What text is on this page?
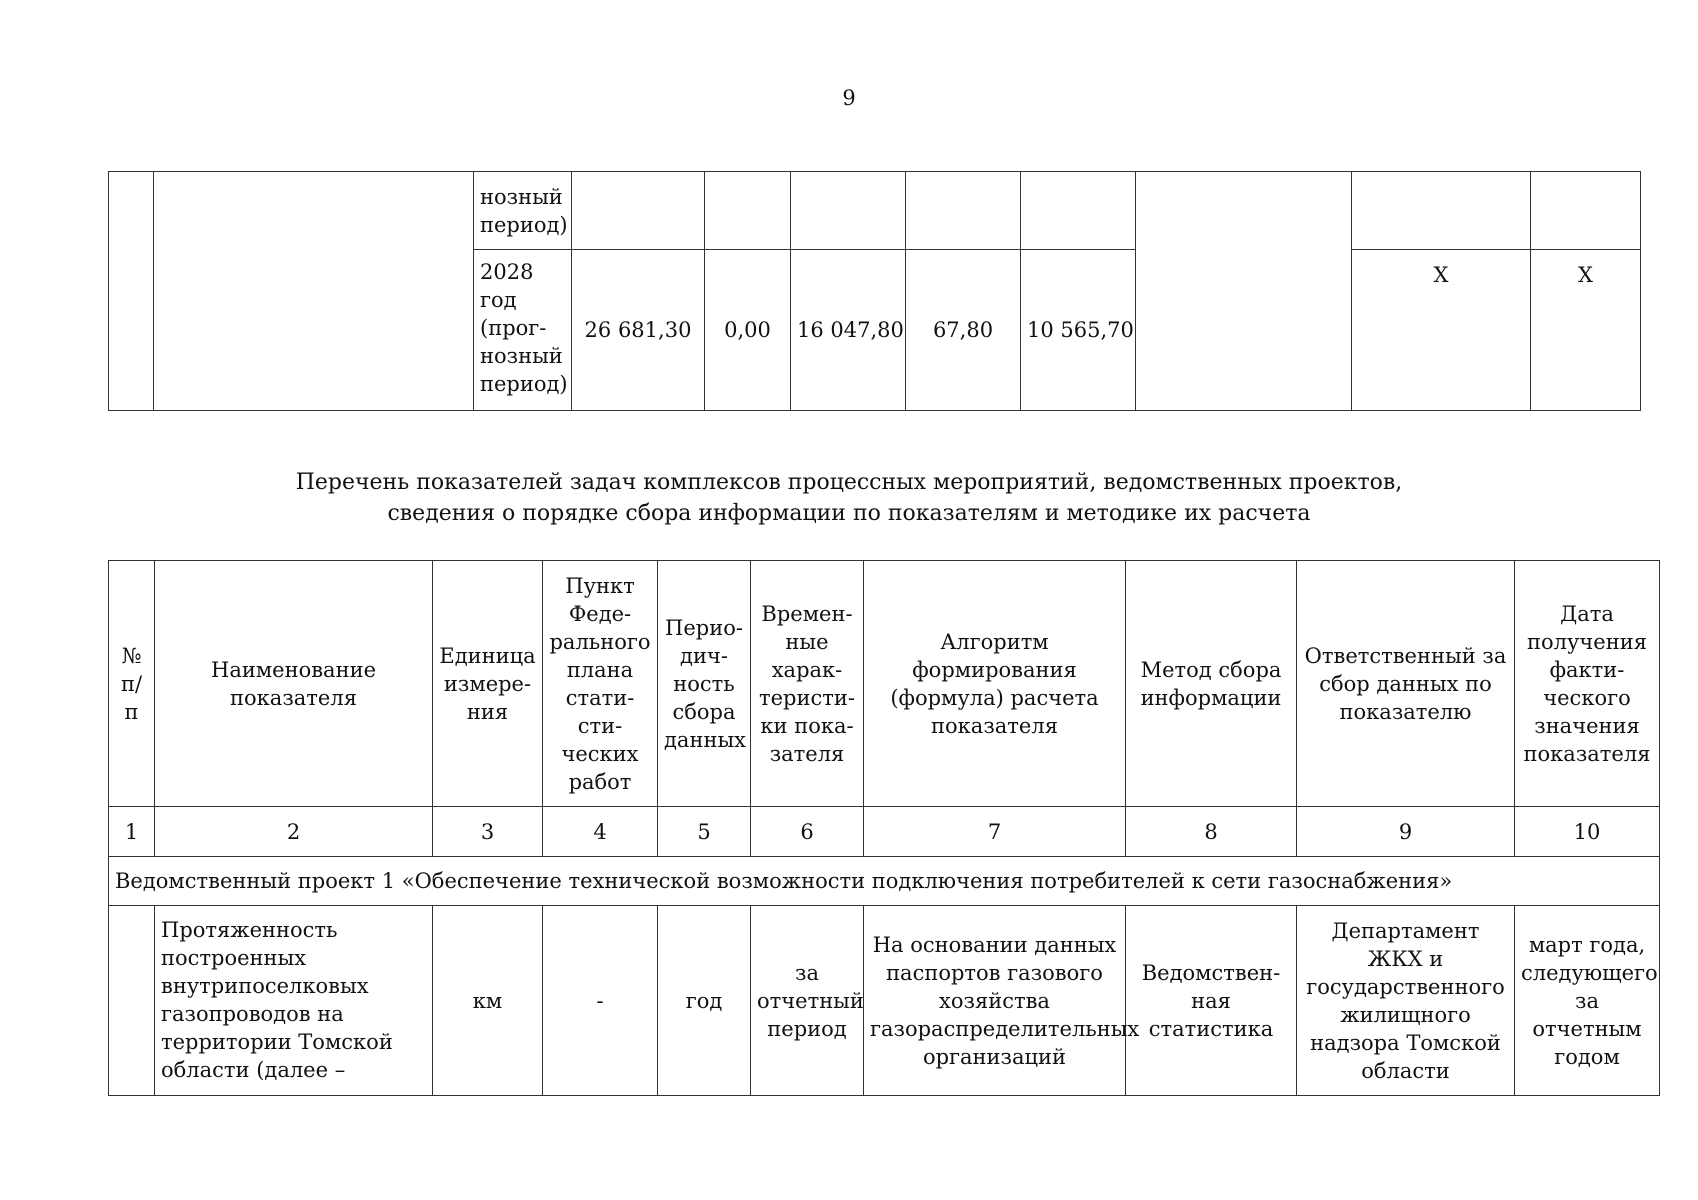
9
		нозный период)								
		2028 год (прог-нозный период)	26 681,30	0,00	16 047,80	67,80	10 565,70		X	X
Перечень показателей задач комплексов процессных мероприятий, ведомственных проектов,
сведения о порядке сбора информации по показателям и методике их расчета
№ п/п	Наименование показателя	Единица измере-ния	Пункт Феде-рального плана стати-сти-ческих работ	Перио-дич-ность сбора данных	Времен-ные харак-теристи-ки пока-зателя	Алгоритм формирования (формула) расчета показателя	Метод сбора информации	Ответственный за сбор данных по показателю	Дата получения факти-ческого значения показателя
1	2	3	4	5	6	7	8	9	10
Ведомственный проект 1 «Обеспечение технической возможности подключения потребителей к сети газоснабжения»									
	Протяженность построенных внутрипоселковых газопроводов на территории Томской области (далее –	км	-	год	за отчетный период	На основании данных паспортов газового хозяйства газораспределительных организаций	Ведомствен-ная статистика	Департамент ЖКХ и государственного жилищного надзора Томской области	март года, следующего за отчетным годом
